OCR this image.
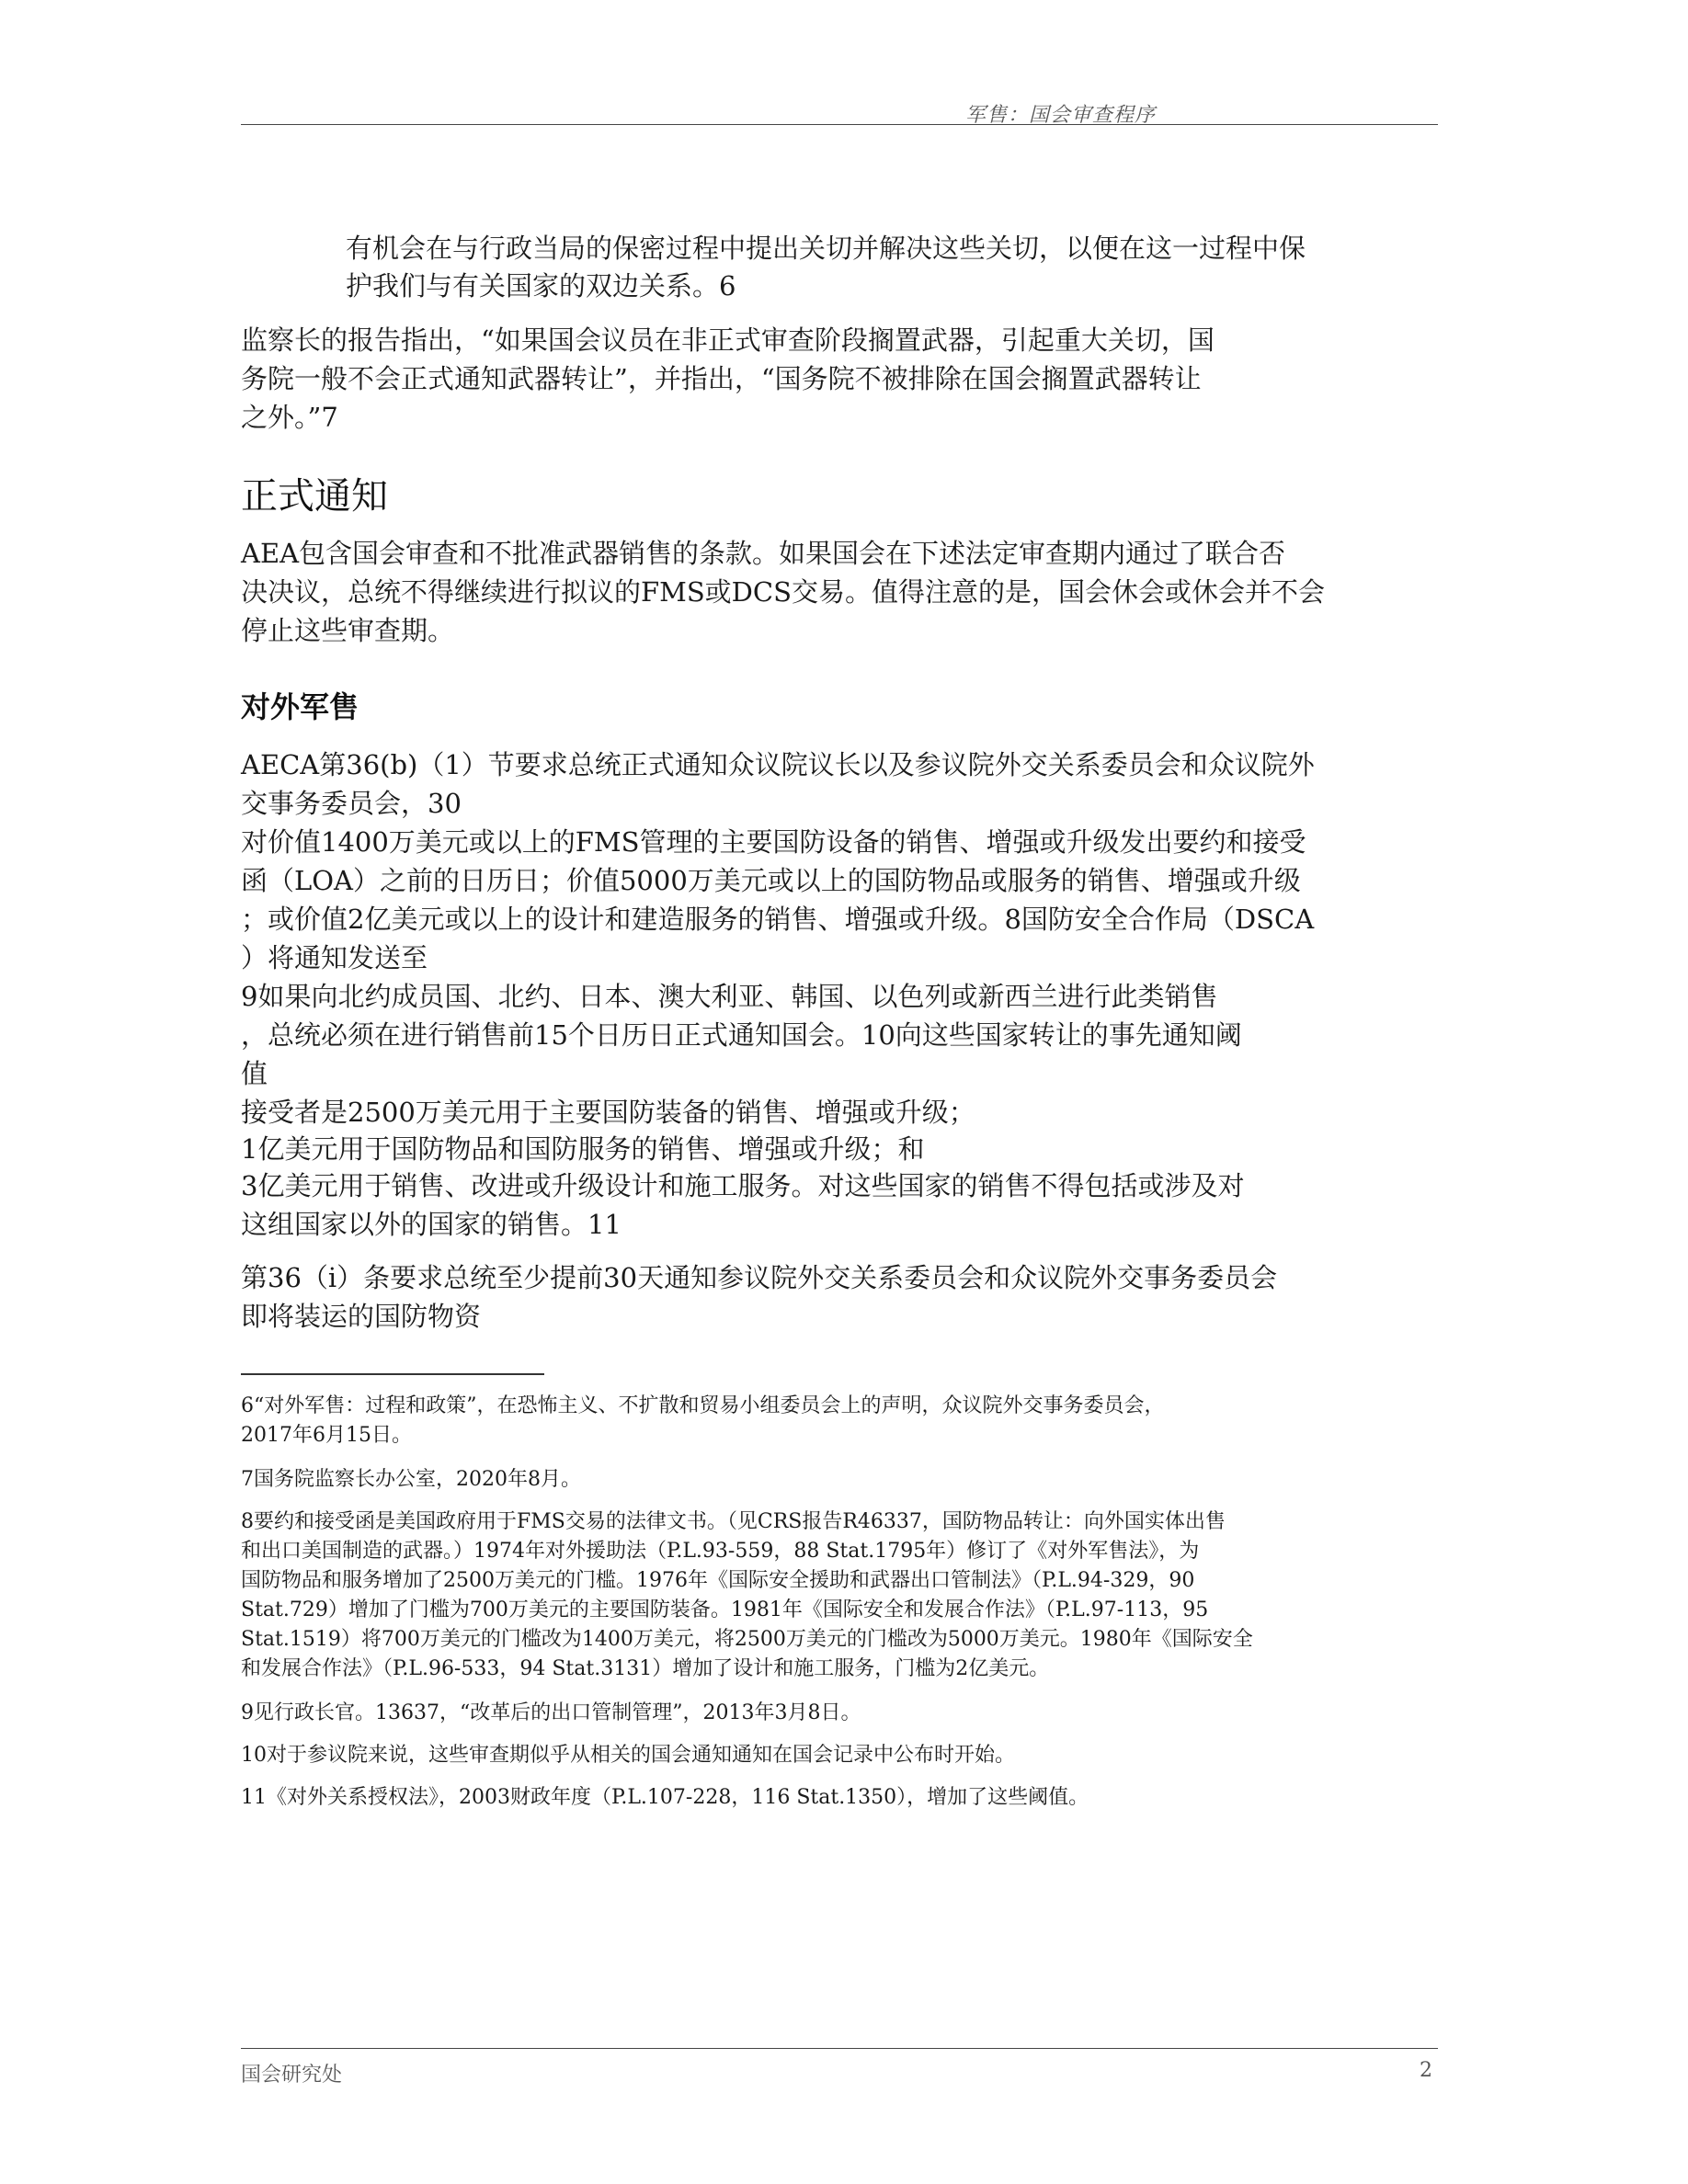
军售：国会审查程序
有机会在与行政当局的保密过程中提出关切并解决这些关切，以便在这一过程中保
护我们与有关国家的双边关系。6
监察长的报告指出，“如果国会议员在非正式审查阶段搁置武器，引起重大关切，国
务院一般不会正式通知武器转让”，并指出，“国务院不被排除在国会搁置武器转让
之外。”7
正式通知
AEA包含国会审查和不批准武器销售的条款。如果国会在下述法定审查期内通过了联合否
决决议，总统不得继续进行拟议的FMS或DCS交易。值得注意的是，国会休会或休会并不会
停止这些审查期。
对外军售
AECA第36(b)（1）节要求总统正式通知众议院议长以及参议院外交关系委员会和众议院外
交事务委员会，30
对价值1400万美元或以上的FMS管理的主要国防设备的销售、增强或升级发出要约和接受
函（LOA）之前的日历日；价值5000万美元或以上的国防物品或服务的销售、增强或升级
；或价值2亿美元或以上的设计和建造服务的销售、增强或升级。8国防安全合作局（DSCA
）将通知发送至
9如果向北约成员国、北约、日本、澳大利亚、韩国、以色列或新西兰进行此类销售
，总统必须在进行销售前15个日历日正式通知国会。10向这些国家转让的事先通知阈
值
接受者是2500万美元用于主要国防装备的销售、增强或升级；
1亿美元用于国防物品和国防服务的销售、增强或升级；和
3亿美元用于销售、改进或升级设计和施工服务。对这些国家的销售不得包括或涉及对
这组国家以外的国家的销售。11
第36（i）条要求总统至少提前30天通知参议院外交关系委员会和众议院外交事务委员会
即将装运的国防物资
6“对外军售：过程和政策”，在恐怖主义、不扩散和贸易小组委员会上的声明，众议院外交事务委员会，
2017年6月15日。
7国务院监察长办公室，2020年8月。
8要约和接受函是美国政府用于FMS交易的法律文书。（见CRS报告R46337，国防物品转让：向外国实体出售
和出口美国制造的武器。）1974年对外援助法（P.L.93-559，88 Stat.1795年）修订了《对外军售法》，为
国防物品和服务增加了2500万美元的门槛。1976年《国际安全援助和武器出口管制法》（P.L.94-329，90
Stat.729）增加了门槛为700万美元的主要国防装备。1981年《国际安全和发展合作法》（P.L.97-113，95
Stat.1519）将700万美元的门槛改为1400万美元，将2500万美元的门槛改为5000万美元。1980年《国际安全
和发展合作法》（P.L.96-533，94 Stat.3131）增加了设计和施工服务，门槛为2亿美元。
9见行政长官。13637，“改革后的出口管制管理”，2013年3月8日。
10对于参议院来说，这些审查期似乎从相关的国会通知通知在国会记录中公布时开始。
11《对外关系授权法》，2003财政年度（P.L.107-228，116 Stat.1350），增加了这些阈值。
国会研究处	2
